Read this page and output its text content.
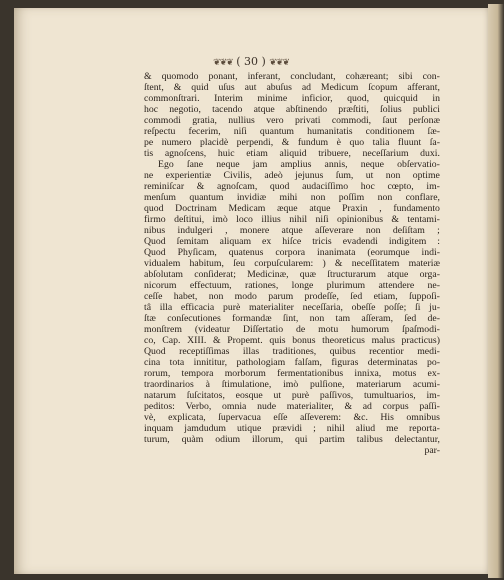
❦❦❦ ( 30 ) ❦❦❦
& quomodo ponant, inferant, concludant, cohæreant; sibi con-
ſtent, & quid uſus aut abuſus ad Medicum ſcopum afferant,
commonſtrari. Interim minime inficior, quod, quicquid in
hoc negotio, tacendo atque abſtinendo præſtiti, ſolius publici
commodi gratia, nullius vero privati commodi, ſaut perſonæ
reſpectu fecerim, niſi quantum humanitatis conditionem ſæ-
pe numero placidè perpendi, & fundum è quo talia fluunt ſa-
tis agnoſcens, huic etiam aliquid tribuere, neceſſarium duxi.
Ego ſane neque jam amplius annis, neque obſervatio-
ne experientiæ Civilis, adeò jejunus ſum, ut non optime
reminiſcar & agnoſcam, quod audaciſſimo hoc cœpto, im-
menſum quantum invidiæ mihi non poſſim non conflare,
quod Doctrinam Medicam æque atque Praxin , fundamento
firmo deſtitui, imò loco illius nihil niſi opinionibus & tentami-
nibus indulgeri , monere atque aſſeverare non deſiſtam ;
Quod ſemitam aliquam ex hiſce tricis evadendi indigitem :
Quod Phyſicam, quatenus corpora inanimata (eorumque indi-
vidualem habitum, ſeu corpuſcularem: ) & neceſſitatem materiæ
abſolutam conſiderat; Medicinæ, quæ ſtructurarum atque orga-
nicorum effectuum, rationes, longe plurimum attendere ne-
ceſſe habet, non modo parum prodeſſe, ſed etiam, ſuppoſi-
tâ illa efficacia purè materialiter neceſſaria, obeſſe poſſe; ſi ju-
ſtæ conſecutiones formandæ ſint, non tam aſſeram, ſed de-
monſtrem (videatur Diſſertatio de motu humorum ſpaſmodi-
co, Cap. XIII. & Propemt. quis bonus theoreticus malus practicus)
Quod receptiſſimas illas traditiones, quibus recentior medi-
cina tota innititur, pathologiam falſam, figuras determinatas po-
rorum, tempora morborum fermentationibus innixa, motus ex-
traordinarios à ſtimulatione, imò pulſione, materiarum acumi-
natarum ſuſcitatos, eosque ut purè paſſivos, tumultuarios, im-
peditos: Verbo, omnia nude materialiter, & ad corpus paſſi-
vè, explicata, ſupervacua eſſe aſſeverem: &c. His omnibus
inquam jamdudum utique prævidi ; nihil aliud me reporta-
turum, quàm odium illorum, qui partim talibus delectantur,
par-
